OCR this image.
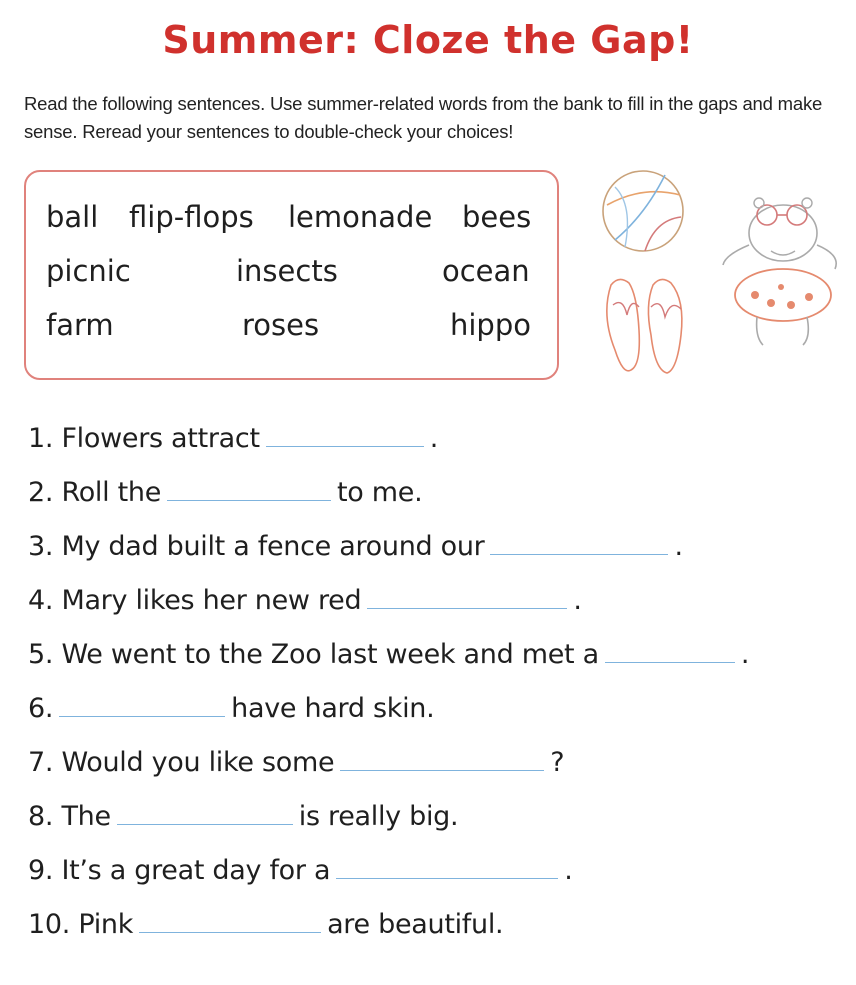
Summer: Cloze the Gap!
Read the following sentences. Use summer-related words from the bank to fill in the gaps and make sense. Reread your sentences to double-check your choices!
ball flip-flops lemonade bees
picnic	insects	ocean
farm	roses	hippo
1. Flowers attract	.
2. Roll the	to me.
3. My dad built a fence around our	.
4. Mary likes her new red	.
5. We went to the Zoo last week and met a	.
6.	have hard skin.
7. Would you like some	?
8. The	is really big.
9. It’s a great day for a	.
10. Pink	are beautiful.
